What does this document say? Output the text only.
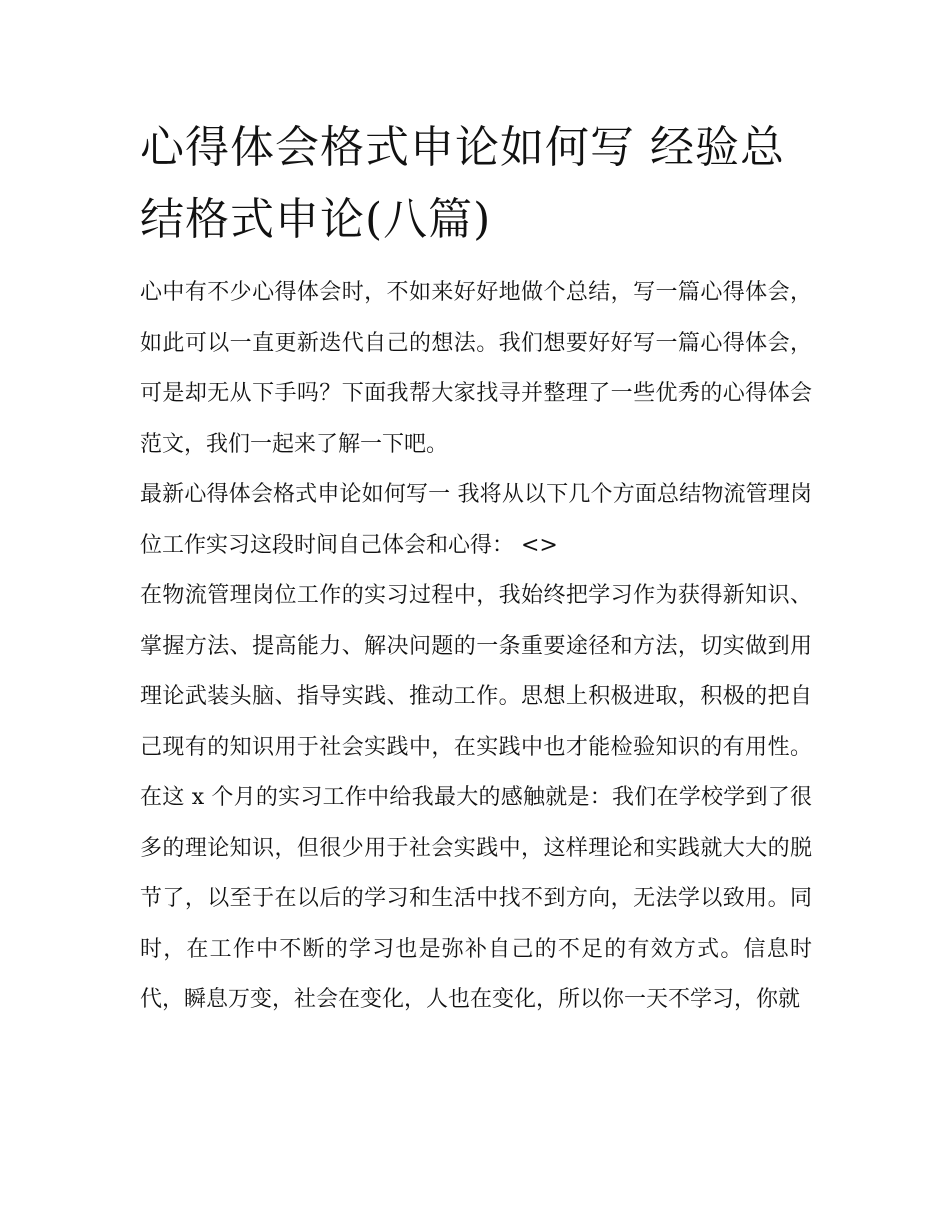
心得体会格式申论如何写 经验总结格式申论(八篇)

心中有不少心得体会时，不如来好好地做个总结，写一篇心得体会，如此可以一直更新迭代自己的想法。我们想要好好写一篇心得体会，可是却无从下手吗？下面我帮大家找寻并整理了一些优秀的心得体会范文，我们一起来了解一下吧。

最新心得体会格式申论如何写一 我将从以下几个方面总结物流管理岗位工作实习这段时间自己体会和心得： <>

在物流管理岗位工作的实习过程中，我始终把学习作为获得新知识、掌握方法、提高能力、解决问题的一条重要途径和方法，切实做到用理论武装头脑、指导实践、推动工作。思想上积极进取，积极的把自己现有的知识用于社会实践中，在实践中也才能检验知识的有用性。在这 x 个月的实习工作中给我最大的感触就是：我们在学校学到了很多的理论知识，但很少用于社会实践中，这样理论和实践就大大的脱节了，以至于在以后的学习和生活中找不到方向，无法学以致用。同时，在工作中不断的学习也是弥补自己的不足的有效方式。信息时代，瞬息万变，社会在变化，人也在变化，所以你一天不学习，你就
